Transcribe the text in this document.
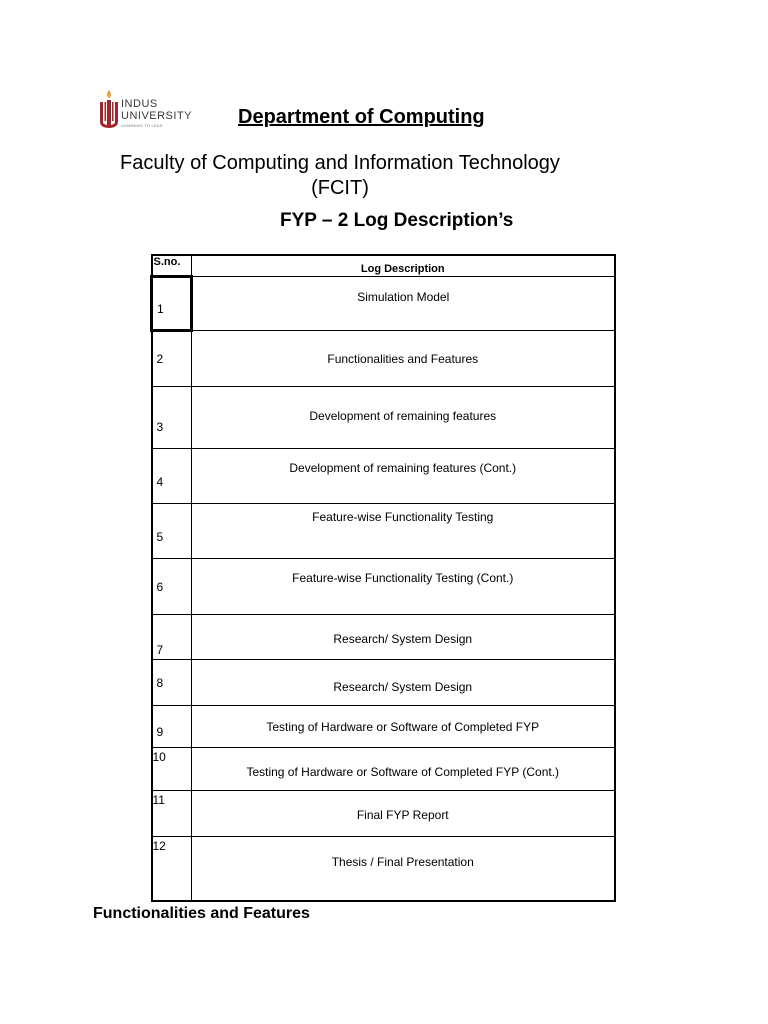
INDUS
UNIVERSITY
LEARNING TO LEAD	Department of Computing
Faculty of Computing and Information Technology
(FCIT)
FYP – 2 Log Description’s
S.no.	Log Description
1	Simulation Model
2	Functionalities and Features
3	Development of remaining features
4	Development of remaining features (Cont.)
5	Feature-wise Functionality Testing
6	Feature-wise Functionality Testing (Cont.)
7	Research/ System Design
8	Research/ System Design
9	Testing of Hardware or Software of Completed FYP
10	Testing of Hardware or Software of Completed FYP (Cont.)
11	Final FYP Report
12	Thesis / Final Presentation
Functionalities and Features
